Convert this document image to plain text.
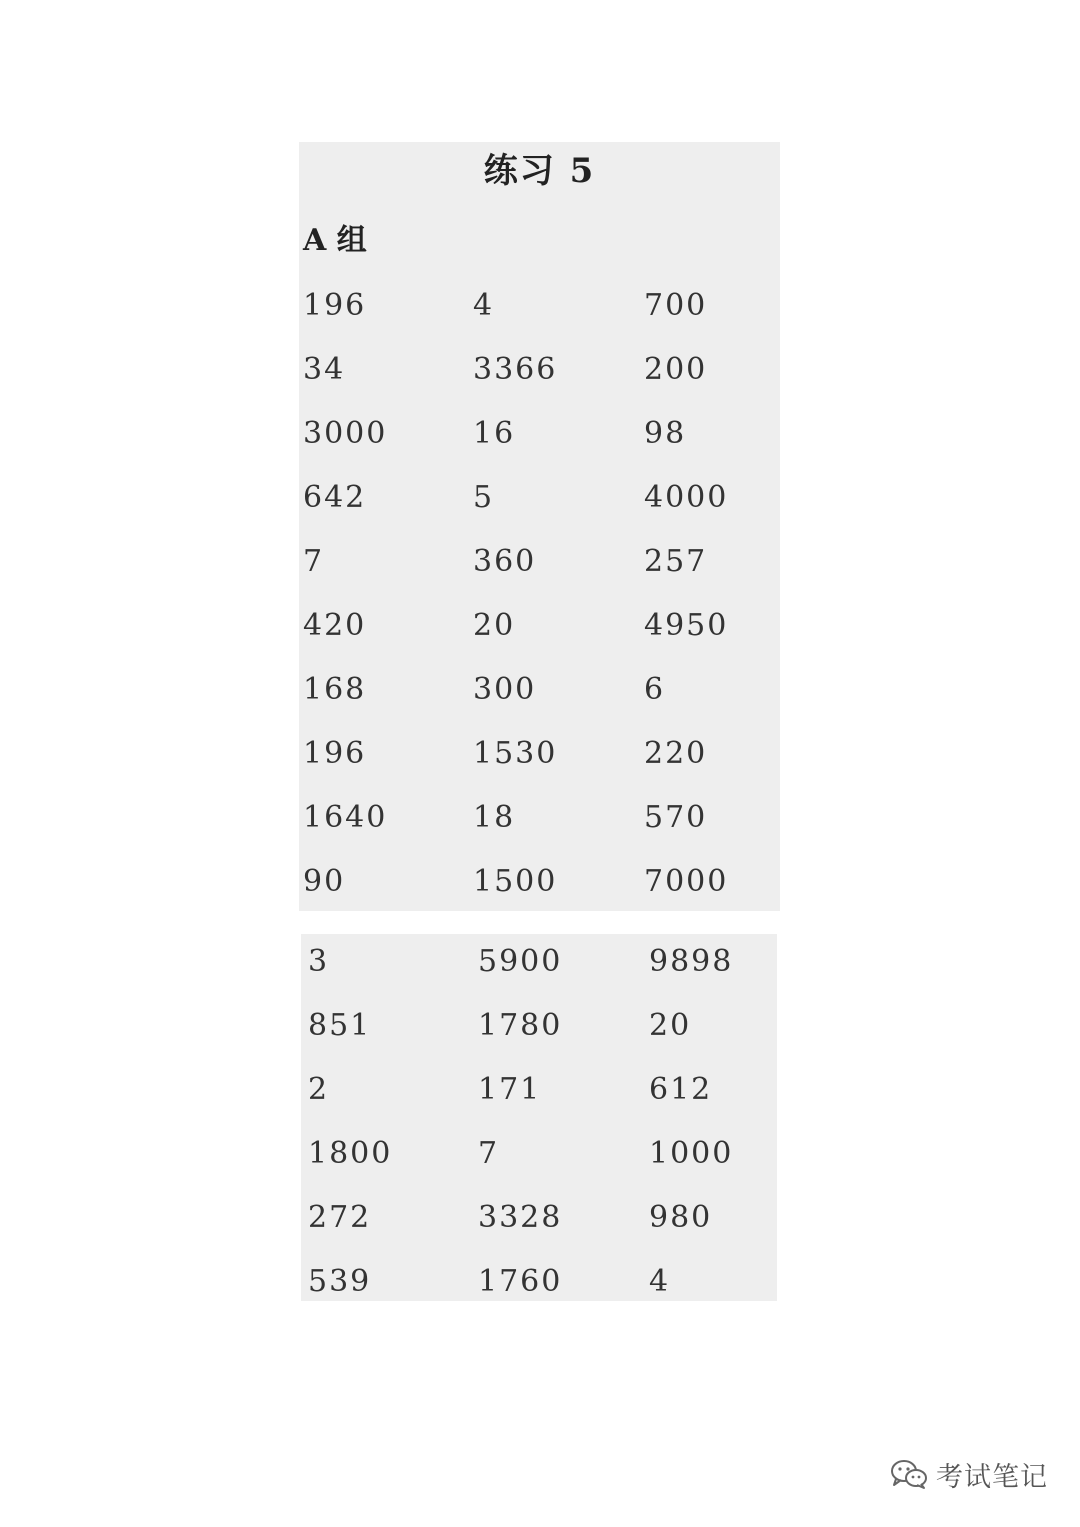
练习 5
A 组
196	4	700
34	3366	200
3000	16	98
642	5	4000
7	360	257
420	20	4950
168	300	6
196	1530	220
1640	18	570
90	1500	7000
3	5900	9898
851	1780	20
2	171	612
1800	7	1000
272	3328	980
539	1760	4
考试笔记
